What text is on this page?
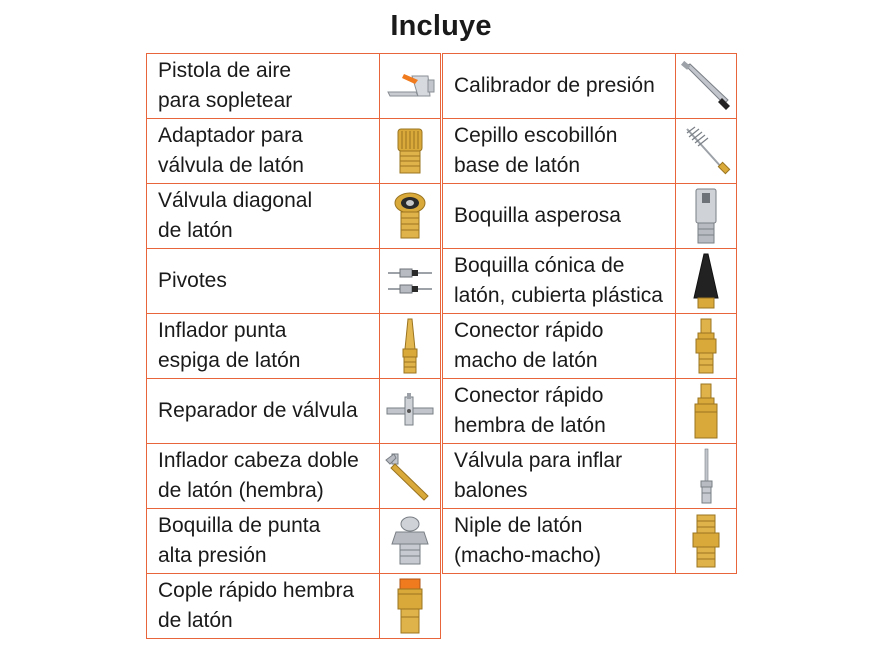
Incluye
Pistola de aire
para sopletear
Adaptador para
válvula de latón
Válvula diagonal
de latón
Pivotes
Inflador punta
espiga de latón
Reparador de válvula
Inflador cabeza doble
de latón (hembra)
Boquilla de punta
alta presión
Cople rápido hembra
de latón
Calibrador de presión
Cepillo escobillón
base de latón
Boquilla asperosa
Boquilla cónica de
latón, cubierta plástica
Conector rápido
macho de latón
Conector rápido
hembra de latón
Válvula para inflar
balones
Niple de latón
(macho-macho)
